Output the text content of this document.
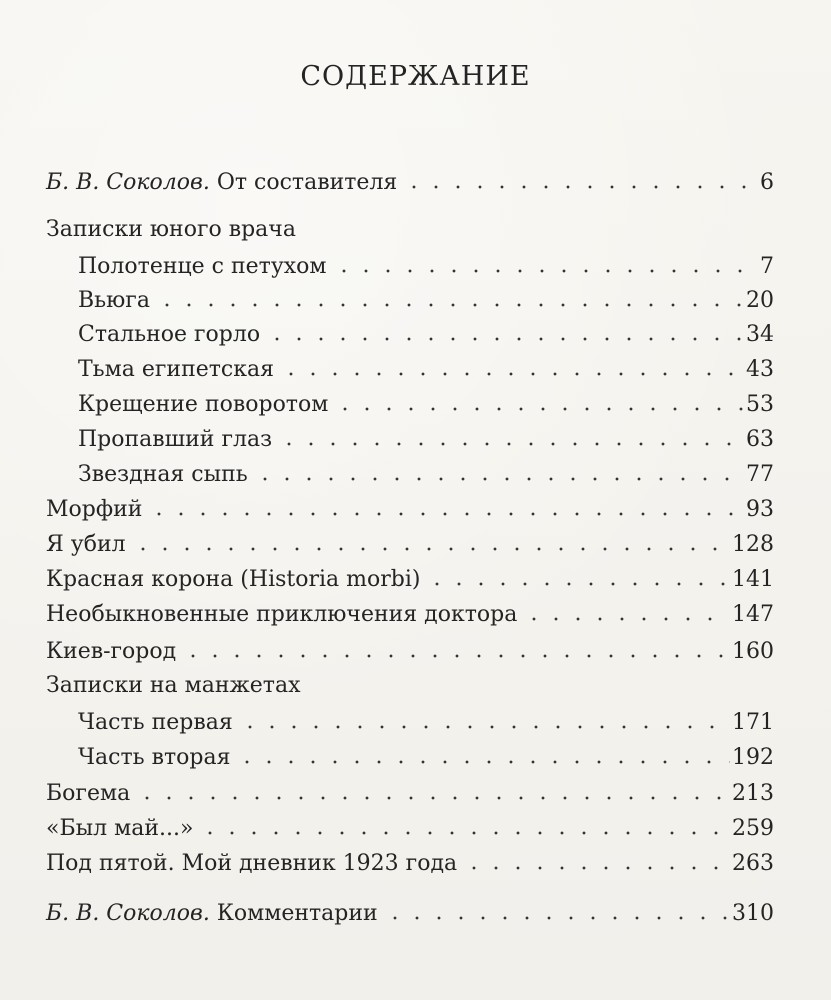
СОДЕРЖАНИЕ
Б. В. Соколов. От составителя	6
Записки юного врача
Полотенце с петухом	7
Вьюга	20
Стальное горло	34
Тьма египетская	43
Крещение поворотом	53
Пропавший глаз	63
Звездная сыпь	77
Морфий	93
Я убил	128
Красная корона (Historia morbi)	141
Необыкновенные приключения доктора	147
Киев-город	160
Записки на манжетах
Часть первая	171
Часть вторая	192
Богема	213
«Был май...»	259
Под пятой. Мой дневник 1923 года	263
Б. В. Соколов. Комментарии	310
